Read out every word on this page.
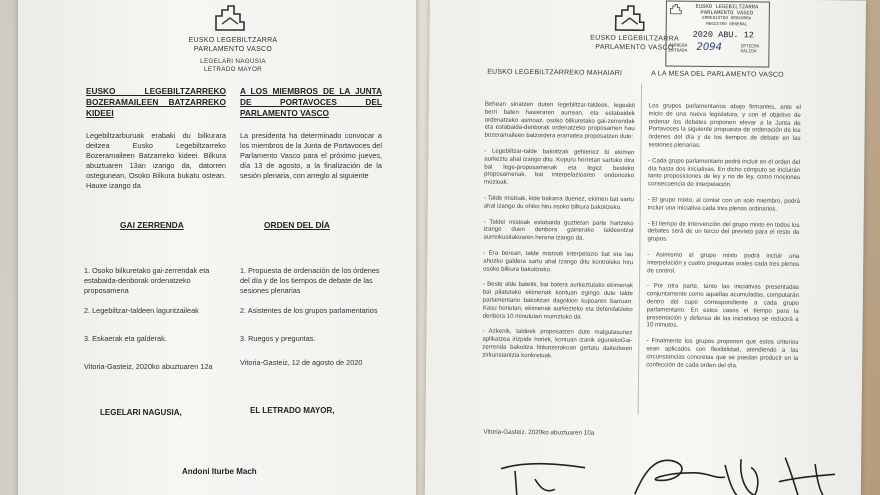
EUSKO LEGEBILTZARRA
PARLAMENTO VASCO
LEGELARI NAGUSIA
LETRADO MAYOR
EUSKO LEGEBILTZARREKO BOZERAMAILEEN BATZARREKO KIDEEI
A LOS MIEMBROS DE LA JUNTA DE PORTAVOCES DEL PARLAMENTO VASCO
Legebiltzarburuak erabaki du bilkurara deitzea Eusko Legebiltzarreko Bozeramaileen Batzarreko kideei. Bilkura abuztuaren 13an izango da, datorren ostegunean, Osoko Bilkura bukatu ostean. Hauxe izango da
La presidenta ha determinado convocar a los miembros de la Junta de Portavoces del Parlamento Vasco para el próximo jueves, día 13 de agosto, a la finalización de la sesión plenaria, con arreglo al siguiente
GAI ZERRENDA	ORDEN DEL DÍA
1. Osoko bilkuretako gai-zerrendak eta estabaida-denborak ordenatzeko proposamena
2. Legebiltzar-taldeen laguntzaileak
3. Eskaerak eta galderak.
1. Propuesta de ordenación de los órdenes del día y de los tiempos de debate de las sesiones plenarias
2. Asistentes de los grupos parlamentarios
3. Ruegos y preguntas.
Vitoria-Gasteiz, 2020ko abuztuaren 12a	Vitoria-Gasteiz, 12 de agosto de 2020
LEGELARI NAGUSIA,	EL LETRADO MAYOR,
Andoni Iturbe Mach
EUSKO LEGEBILTZARRA
PARLAMENTO VASCO
EUSKO LEGEBILTZARRA
PARLAMENTO VASCO
ERREGISTRO OROKORRA
REGISTRO GENERAL
2020 ABU. 12
SARRERA
ENTRADA 2094	IRTEERA
SALIDA
EUSKO LEGEBILTZARREKO MAHAIARI	A LA MESA DEL PARLAMENTO VASCO

Behean sinatzen duten legebiltzar-taldeek, legealdi berri baten hasieraren aurrean, eta estabaidek ordenatzeko asmoaz, osoko bilkuretako gai-zerrendak eta estabaida-denborak ordenatzeko proposamen hau bozeramaileen batzordera eramatea proposatzen dute:

- Legebiltzar-talde bakoitzak gehienez bi ekimen aurkeztu ahal izango ditu. Kopuru horretan sartuko dira bai lege-proposamenak eta legez besteko proposamenak, bai interpelazioaren ondoriozko mozioak.

- Talde mistoak, kide bakarra duenez, ekimen bat sartu ahal izango du ohiko hiru osoko bilkura bakoitzeko.

- Taldei mistoak estabaida guztietan parte hartzeko izango duen denbora gainerako taldeentzat aurreikusitakoaren herena izango da.

- Era berean, talde mistoak interpelazio bat eta lau ahozko galdera sartu ahal izango ditu kontroleko hiru osoko bilkura bakoitzeko.

- Beste alde batetik, bai batera aurkeztutako ekimenak bai pilatutako ekimenak kontuan egingo dute talde parlamentario bakoitzari dagokion kupoaren barruan. Kasu horietan, ekimenak aurkezteko eta defendatzeko denbora 10 minututan murriztuko da.

- Azkenik, taldeek proposatzen dute malgutasunez aplikatzea irizpide horiek, kontuan izanik egunekoGai-zerrenda bakoitza finkatzerakoan gertatu daitezkeen zirkunstantzia konkretuak.

Los grupos parlamentarios abajo firmantes, ante el inicio de una nueva legislatura, y con el objetivo de ordenar los debates proponen elevar a la Junta de Portavoces la siguiente propuesta de ordenación de los órdenes del día y de los tiempos de debate en las sesiones plenarias:

- Cada grupo parlamentario podrá incluir en el orden del día hasta dos iniciativas. En dicho cómputo se incluirán tanto proposiciones de ley y no de ley, como mociones consecuencia de interpelación.

- El grupo mixto, al contar con un solo miembro, podrá incluir una iniciativa cada tres plenos ordinarios.

- El tiempo de intervención del grupo mixto en todos los debates será de un tercio del previsto para el resto de grupos.

- Asimismo el grupo mixto podrá incluir una interpelación y cuatro preguntas orales cada tres plenos de control.

- Por otra parte, tanto las iniciativas presentadas conjuntamente como aquellas acumuladas, computarán dentro del cupo correspondiente a cada grupo parlamentario. En estos casos el tiempo para la presentación y defensa de las iniciativas se reducirá a 10 minutos.

- Finalmente los grupos proponen que estos criterios sean aplicados con flexibilidad, atendiendo a las circunstancias concretas que se puedan producir en la confección de cada orden del día.

Vitoria-Gasteiz, 2020ko abuztuaren 10a
